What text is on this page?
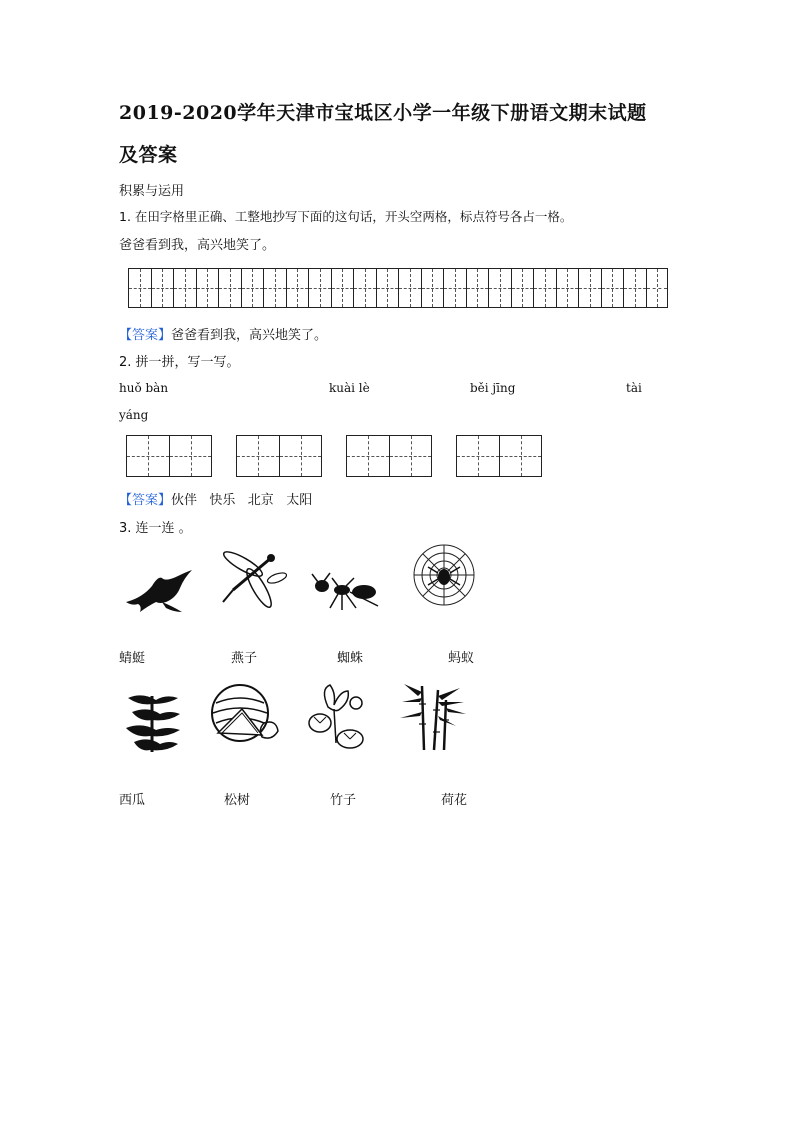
2019-2020学年天津市宝坻区小学一年级下册语文期末试题
及答案
积累与运用
1. 在田字格里正确、工整地抄写下面的这句话，开头空两格，标点符号各占一格。
爸爸看到我，高兴地笑了。
【答案】爸爸看到我，高兴地笑了。
2. 拼一拼，写一写。
huǒ bàn	kuài lè	běi jīng	tài
yáng
【答案】伙伴   快乐   北京   太阳
3. 连一连 。
蜻蜓	燕子	蜘蛛	蚂蚁
西瓜	松树	竹子	荷花
